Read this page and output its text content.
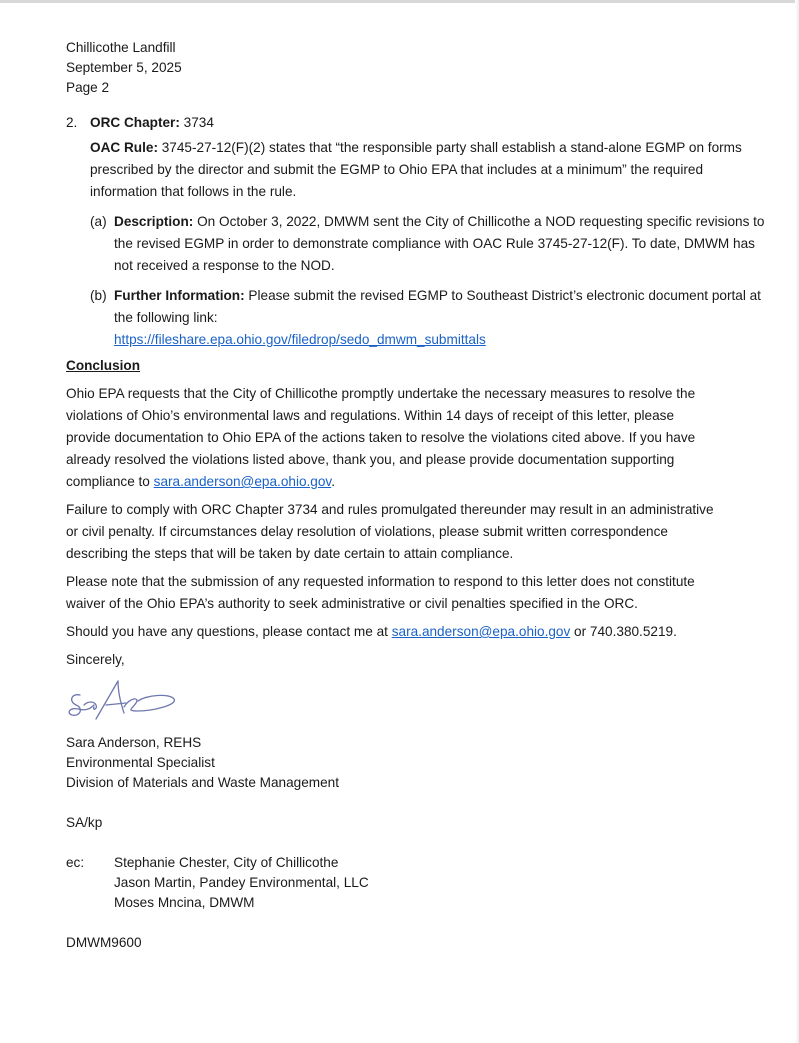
Chillicothe Landfill
September 5, 2025
Page 2
2. ORC Chapter: 3734
OAC Rule: 3745-27-12(F)(2) states that “the responsible party shall establish a stand-alone EGMP on forms prescribed by the director and submit the EGMP to Ohio EPA that includes at a minimum” the required information that follows in the rule.
(a) Description: On October 3, 2022, DMWM sent the City of Chillicothe a NOD requesting specific revisions to the revised EGMP in order to demonstrate compliance with OAC Rule 3745-27-12(F). To date, DMWM has not received a response to the NOD.
(b) Further Information: Please submit the revised EGMP to Southeast District’s electronic document portal at the following link:
https://fileshare.epa.ohio.gov/filedrop/sedo_dmwm_submittals
Conclusion
Ohio EPA requests that the City of Chillicothe promptly undertake the necessary measures to resolve the violations of Ohio’s environmental laws and regulations. Within 14 days of receipt of this letter, please provide documentation to Ohio EPA of the actions taken to resolve the violations cited above. If you have already resolved the violations listed above, thank you, and please provide documentation supporting compliance to sara.anderson@epa.ohio.gov.
Failure to comply with ORC Chapter 3734 and rules promulgated thereunder may result in an administrative or civil penalty. If circumstances delay resolution of violations, please submit written correspondence describing the steps that will be taken by date certain to attain compliance.
Please note that the submission of any requested information to respond to this letter does not constitute waiver of the Ohio EPA’s authority to seek administrative or civil penalties specified in the ORC.
Should you have any questions, please contact me at sara.anderson@epa.ohio.gov or 740.380.5219.
Sincerely,
Sara Anderson, REHS
Environmental Specialist
Division of Materials and Waste Management
SA/kp
ec:	Stephanie Chester, City of Chillicothe
Jason Martin, Pandey Environmental, LLC
Moses Mncina, DMWM
DMWM9600
